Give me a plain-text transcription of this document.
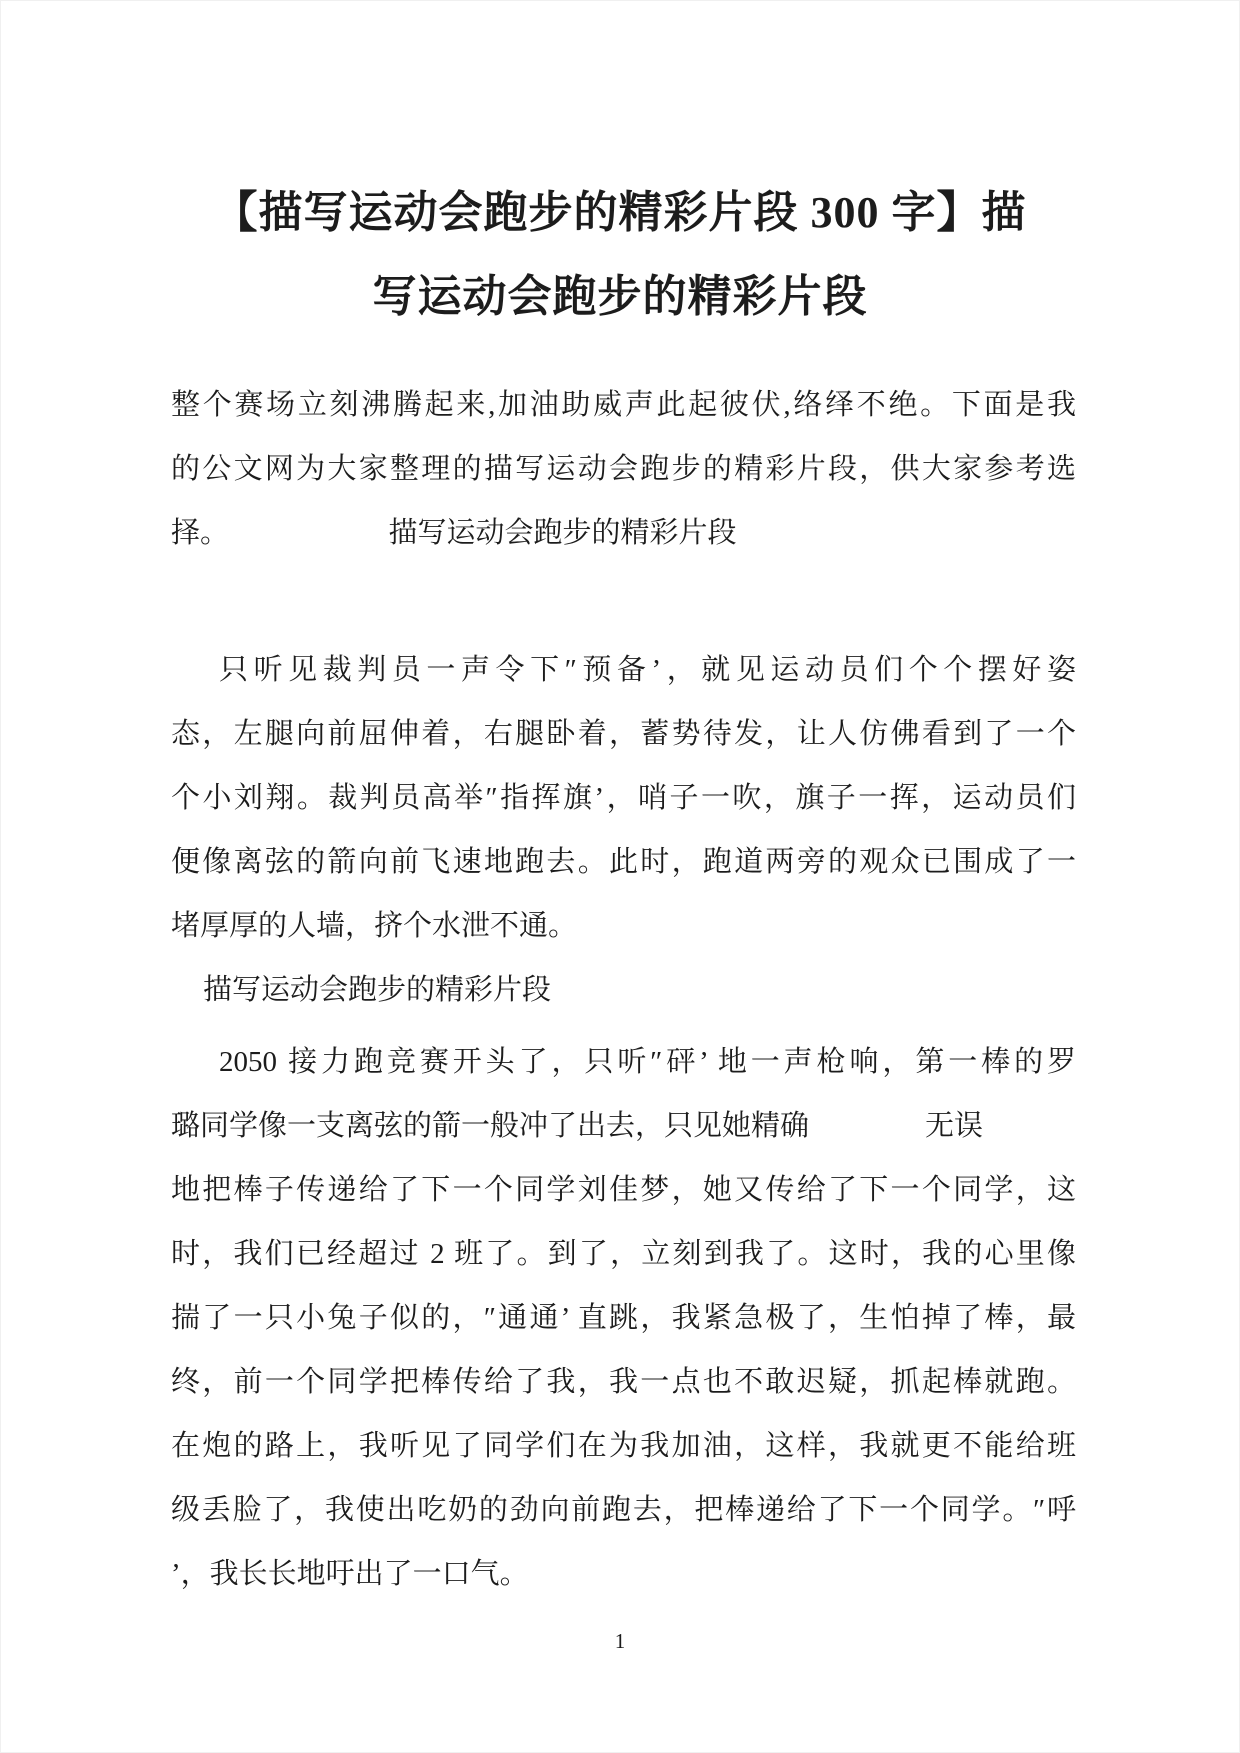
【描写运动会跑步的精彩片段 300 字】描
写运动会跑步的精彩片段
整个赛场立刻沸腾起来,加油助威声此起彼伏,络绎不绝。下面是我
的公文网为大家整理的描写运动会跑步的精彩片段，供大家参考选
择。　　　　　　描写运动会跑步的精彩片段
只听见裁判员一声令下″预备’，就见运动员们个个摆好姿
态，左腿向前屈伸着，右腿卧着，蓄势待发，让人仿佛看到了一个
个小刘翔。裁判员高举″指挥旗’，哨子一吹，旗子一挥，运动员们
便像离弦的箭向前飞速地跑去。此时，跑道两旁的观众已围成了一
堵厚厚的人墙，挤个水泄不通。
描写运动会跑步的精彩片段
2050 接力跑竞赛开头了，只听″砰’ 地一声枪响，第一棒的罗
璐同学像一支离弦的箭一般冲了出去，只见她精确　　　　无误
地把棒子传递给了下一个同学刘佳梦，她又传给了下一个同学，这
时，我们已经超过 2 班了。到了，立刻到我了。这时，我的心里像
揣了一只小兔子似的，″通通’ 直跳，我紧急极了，生怕掉了棒，最
终，前一个同学把棒传给了我，我一点也不敢迟疑，抓起棒就跑。
在炮的路上，我听见了同学们在为我加油，这样，我就更不能给班
级丢脸了，我使出吃奶的劲向前跑去，把棒递给了下一个同学。″呼
’，我长长地吁出了一口气。
1
